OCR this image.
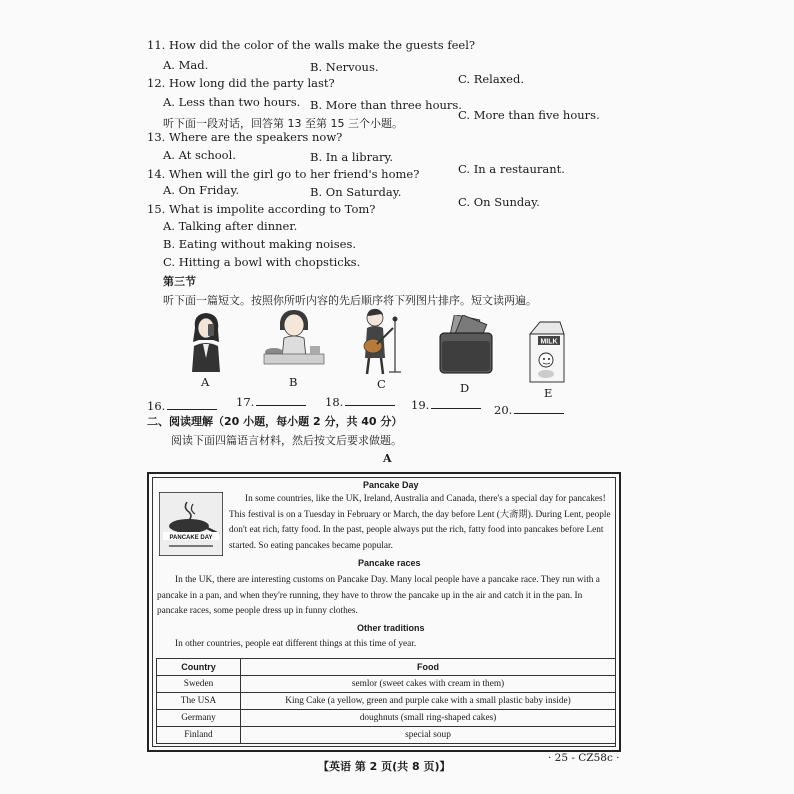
11. How did the color of the walls make the guests feel?
A. Mad.	B. Nervous.
C. Relaxed.
12. How long did the party last?
A. Less than two hours. B. More than three hours.
C. More than five hours.
听下面一段对话，回答第 13 至第 15 三个小题。
13. Where are the speakers now?
A. At school.	B. In a library.
C. In a restaurant.
14. When will the girl go to her friend's home?
A. On Friday.	B. On Saturday.
C. On Sunday.
15. What is impolite according to Tom?
A. Talking after dinner.
B. Eating without making noises.
C. Hitting a bowl with chopsticks.
第三节
听下面一篇短文。按照你所听内容的先后顺序将下列图片排序。短文读两遍。
A	B	C	D
MILK
E
16.	17.	18.	19.	20.
二、阅读理解（20 小题，每小题 2 分，共 40 分）
阅读下面四篇语言材料，然后按文后要求做题。
A
Pancake Day
PANCAKE DAY
In some countries, like the UK, Ireland, Australia and Canada, there's a special day for pancakes! This festival is on a Tuesday in February or March, the day before Lent (大斋期). During Lent, people don't eat rich, fatty food. In the past, people always put the rich, fatty food into pancakes before Lent started. So eating pancakes became popular.
Pancake races
In the UK, there are interesting customs on Pancake Day. Many local people have a pancake race. They run with a pancake in a pan, and when they're running, they have to throw the pancake up in the air and catch it in the pan. In pancake races, some people dress up in funny clothes.
Other traditions
In other countries, people eat different things at this time of year.
Country	Food
Sweden	semlor (sweet cakes with cream in them)
The USA	King Cake (a yellow, green and purple cake with a small plastic baby inside)
Germany	doughnuts (small ring-shaped cakes)
Finland	special soup
【英语 第 2 页(共 8 页)】
· 25 - CZ58c ·
